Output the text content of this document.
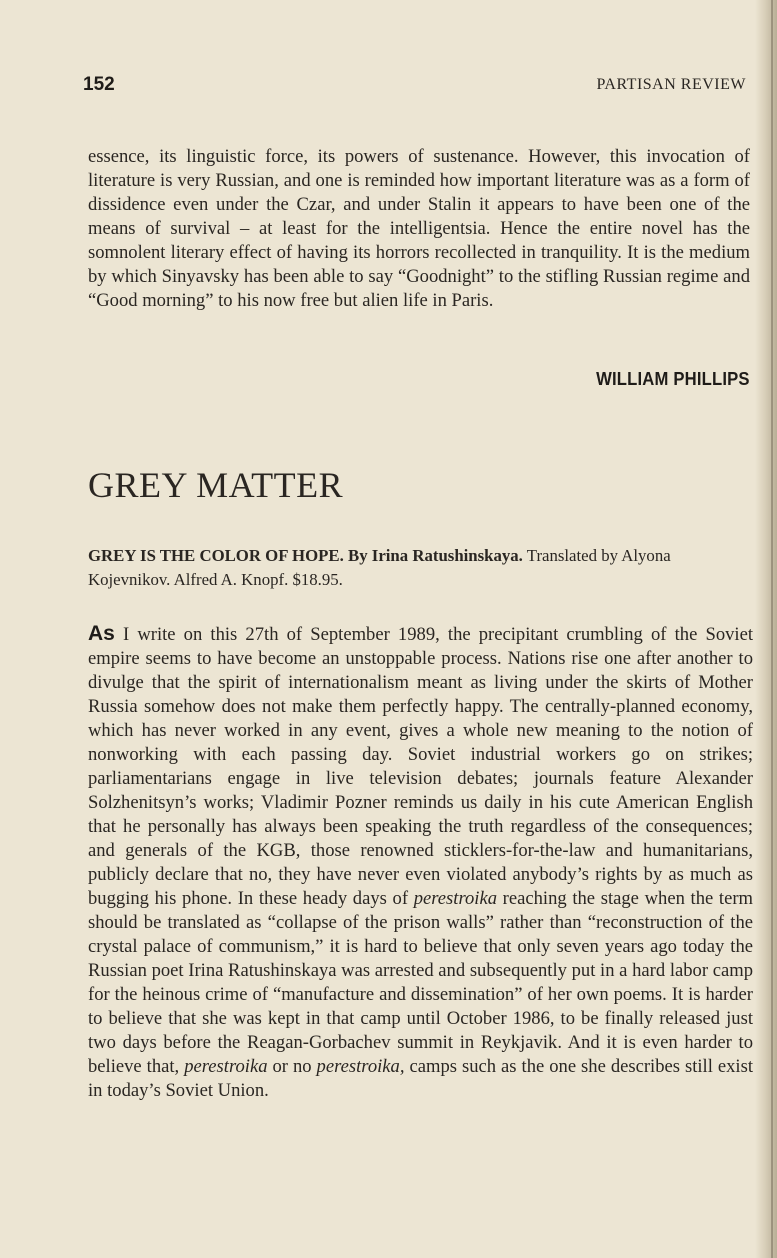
152	PARTISAN REVIEW

essence, its linguistic force, its powers of sustenance. However, this invocation of literature is very Russian, and one is reminded how important literature was as a form of dissidence even under the Czar, and under Stalin it appears to have been one of the means of survival – at least for the intelligentsia. Hence the entire novel has the somnolent literary effect of having its horrors recollected in tranquility. It is the medium by which Sinyavsky has been able to say “Goodnight” to the stifling Russian regime and “Good morning” to his now free but alien life in Paris.

WILLIAM PHILLIPS
GREY MATTER

GREY IS THE COLOR OF HOPE. By Irina Ratushinskaya. Translated by Alyona Kojevnikov. Alfred A. Knopf. $18.95.

As I write on this 27th of September 1989, the precipitant crumbling of the Soviet empire seems to have become an unstoppable process. Nations rise one after another to divulge that the spirit of internationalism meant as living under the skirts of Mother Russia somehow does not make them perfectly happy. The centrally-planned economy, which has never worked in any event, gives a whole new meaning to the notion of nonworking with each passing day. Soviet industrial workers go on strikes; parliamentarians engage in live television debates; journals feature Alexander Solzhenitsyn’s works; Vladimir Pozner reminds us daily in his cute American English that he personally has always been speaking the truth regardless of the consequences; and generals of the KGB, those renowned sticklers-for-the-law and humanitarians, publicly declare that no, they have never even violated anybody’s rights by as much as bugging his phone. In these heady days of perestroika reaching the stage when the term should be translated as “collapse of the prison walls” rather than “reconstruction of the crystal palace of communism,” it is hard to believe that only seven years ago today the Russian poet Irina Ratushinskaya was arrested and subsequently put in a hard labor camp for the heinous crime of “manufacture and dissemination” of her own poems. It is harder to believe that she was kept in that camp until October 1986, to be finally released just two days before the Reagan-Gorbachev summit in Reykjavik. And it is even harder to believe that, perestroika or no perestroika, camps such as the one she describes still exist in today’s Soviet Union.
